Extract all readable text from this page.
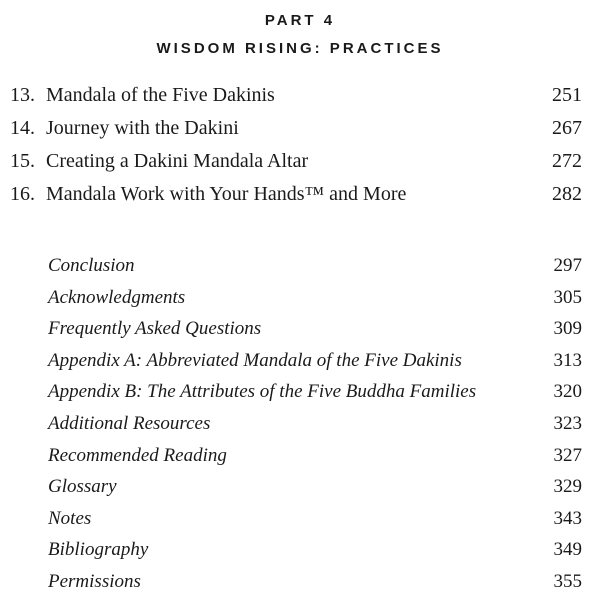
PART 4
WISDOM RISING: PRACTICES
13. Mandala of the Five Dakinis	251
14. Journey with the Dakini	267
15. Creating a Dakini Mandala Altar	272
16. Mandala Work with Your Hands™ and More	282
Conclusion	297
Acknowledgments	305
Frequently Asked Questions	309
Appendix A: Abbreviated Mandala of the Five Dakinis	313
Appendix B: The Attributes of the Five Buddha Families	320
Additional Resources	323
Recommended Reading	327
Glossary	329
Notes	343
Bibliography	349
Permissions	355
